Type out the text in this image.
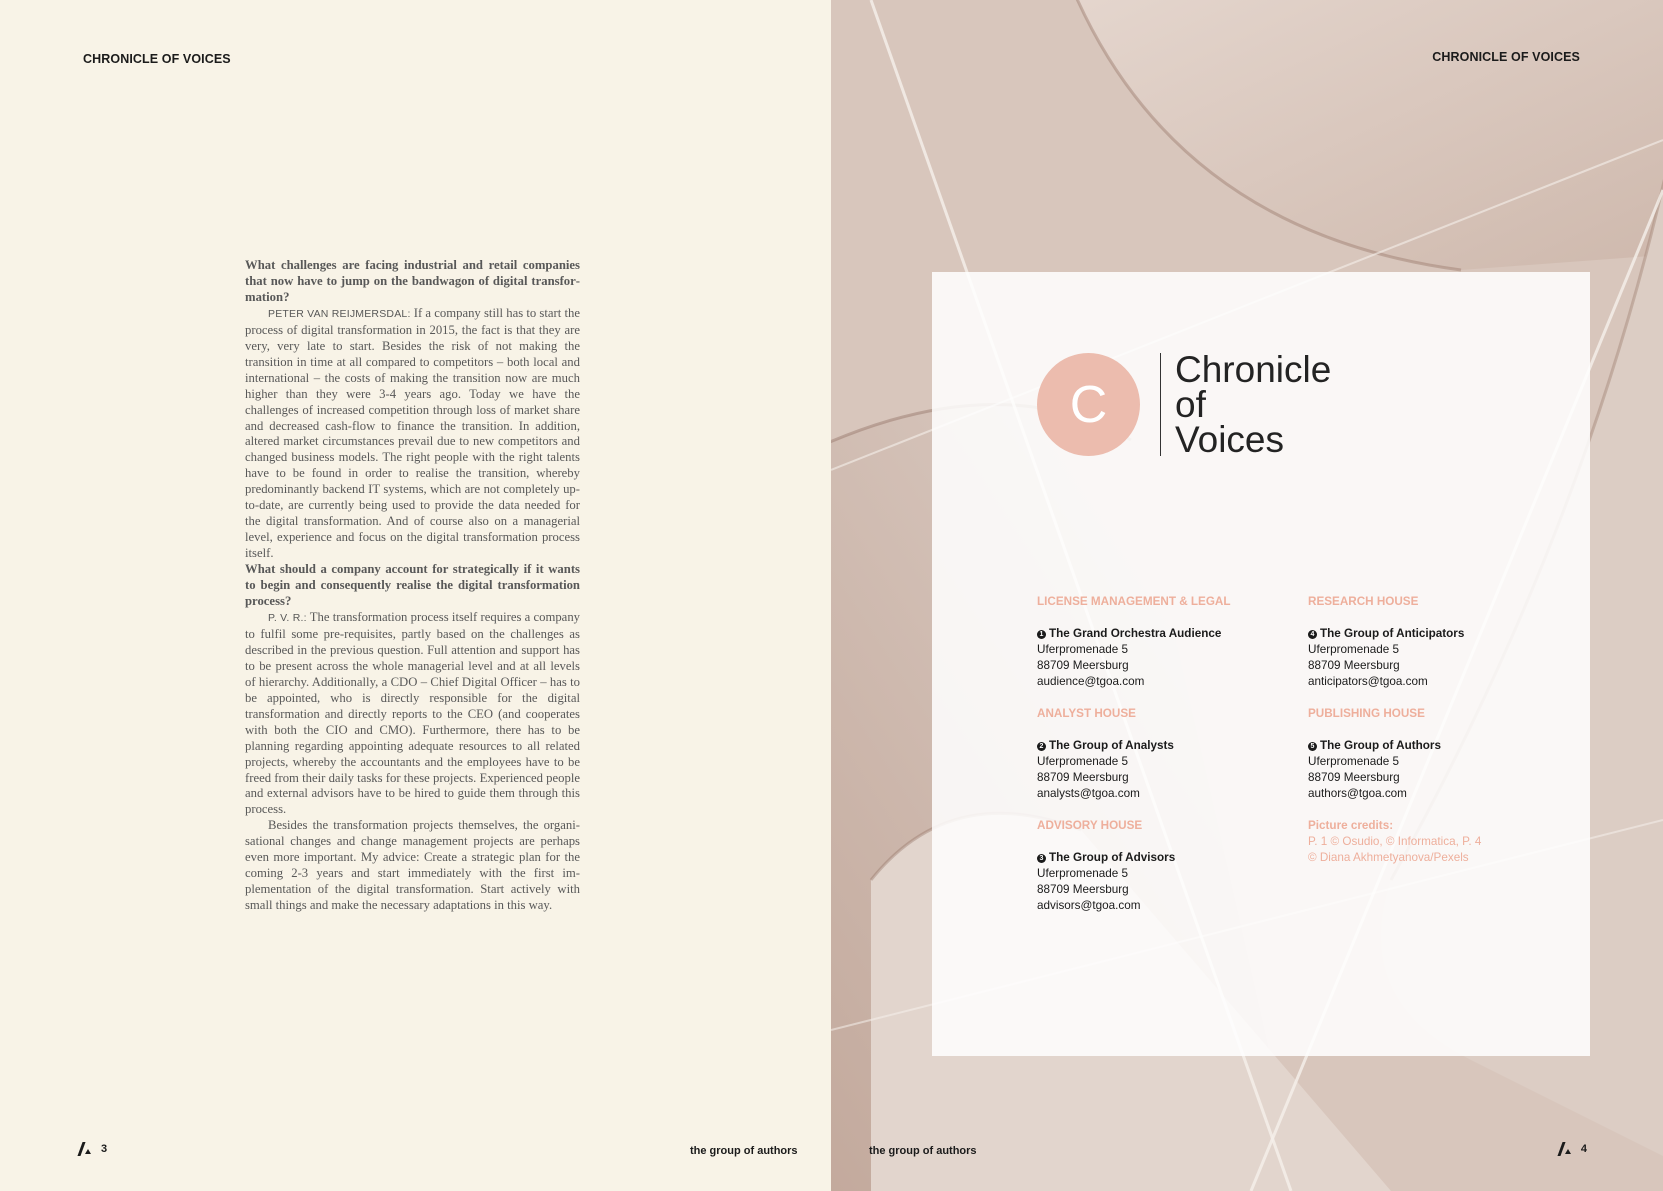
CHRONICLE OF VOICES

What challenges are facing industrial and retail companies that now have to jump on the bandwagon of digital transformation?

PETER VAN REIJMERSDAL: If a company still has to start the process of digital transformation in 2015, the fact is that they are very, very late to start. Besides the risk of not making the transition in time at all compared to competitors – both local and international – the costs of making the transition now are much higher than they were 3-4 years ago. Today we have the challenges of increased competition through loss of market share and decreased cash-flow to finance the transition. In addition, altered market circumstances prevail due to new competitors and changed business models. The right people with the right talents have to be found in order to realise the transition, whereby predominantly backend IT systems, which are not completely up-to-date, are currently being used to provide the data needed for the digital transformation. And of course also on a managerial level, experience and focus on the digital transformation process itself.

What should a company account for strategically if it wants to begin and consequently realise the digital transformation process?

P. V. R.: The transformation process itself requires a company to fulfil some pre-requisites, partly based on the challenges as described in the previous question. Full attention and support has to be present across the whole managerial level and at all levels of hierarchy. Additionally, a CDO – Chief Digital Officer – has to be appointed, who is directly responsible for the digital transformation and directly reports to the CEO (and cooperates with both the CIO and CMO). Furthermore, there has to be planning regarding appointing adequate resources to all related projects, whereby the accountants and the employees have to be freed from their daily tasks for these projects. Experienced people and external advisors have to be hired to guide them through this process.

Besides the transformation projects themselves, the organisational changes and change management projects are perhaps even more important. My advice: Create a strategic plan for the coming 2-3 years and start immediately with the first implementation of the digital transformation. Start actively with small things and make the necessary adaptations in this way.

3	the group of authors
CHRONICLE OF VOICES
C
Chronicle
of
Voices
LICENSE MANAGEMENT & LEGAL
1 The Grand Orchestra Audience
Uferpromenade 5
88709 Meersburg
audience@tgoa.com
ANALYST HOUSE
2 The Group of Analysts
Uferpromenade 5
88709 Meersburg
analysts@tgoa.com
ADVISORY HOUSE
3 The Group of Advisors
Uferpromenade 5
88709 Meersburg
advisors@tgoa.com
RESEARCH HOUSE
4 The Group of Anticipators
Uferpromenade 5
88709 Meersburg
anticipators@tgoa.com
PUBLISHING HOUSE
5 The Group of Authors
Uferpromenade 5
88709 Meersburg
authors@tgoa.com
Picture credits:
P. 1 © Osudio, © Informatica, P. 4
© Diana Akhmetyanova/Pexels
the group of authors	4
